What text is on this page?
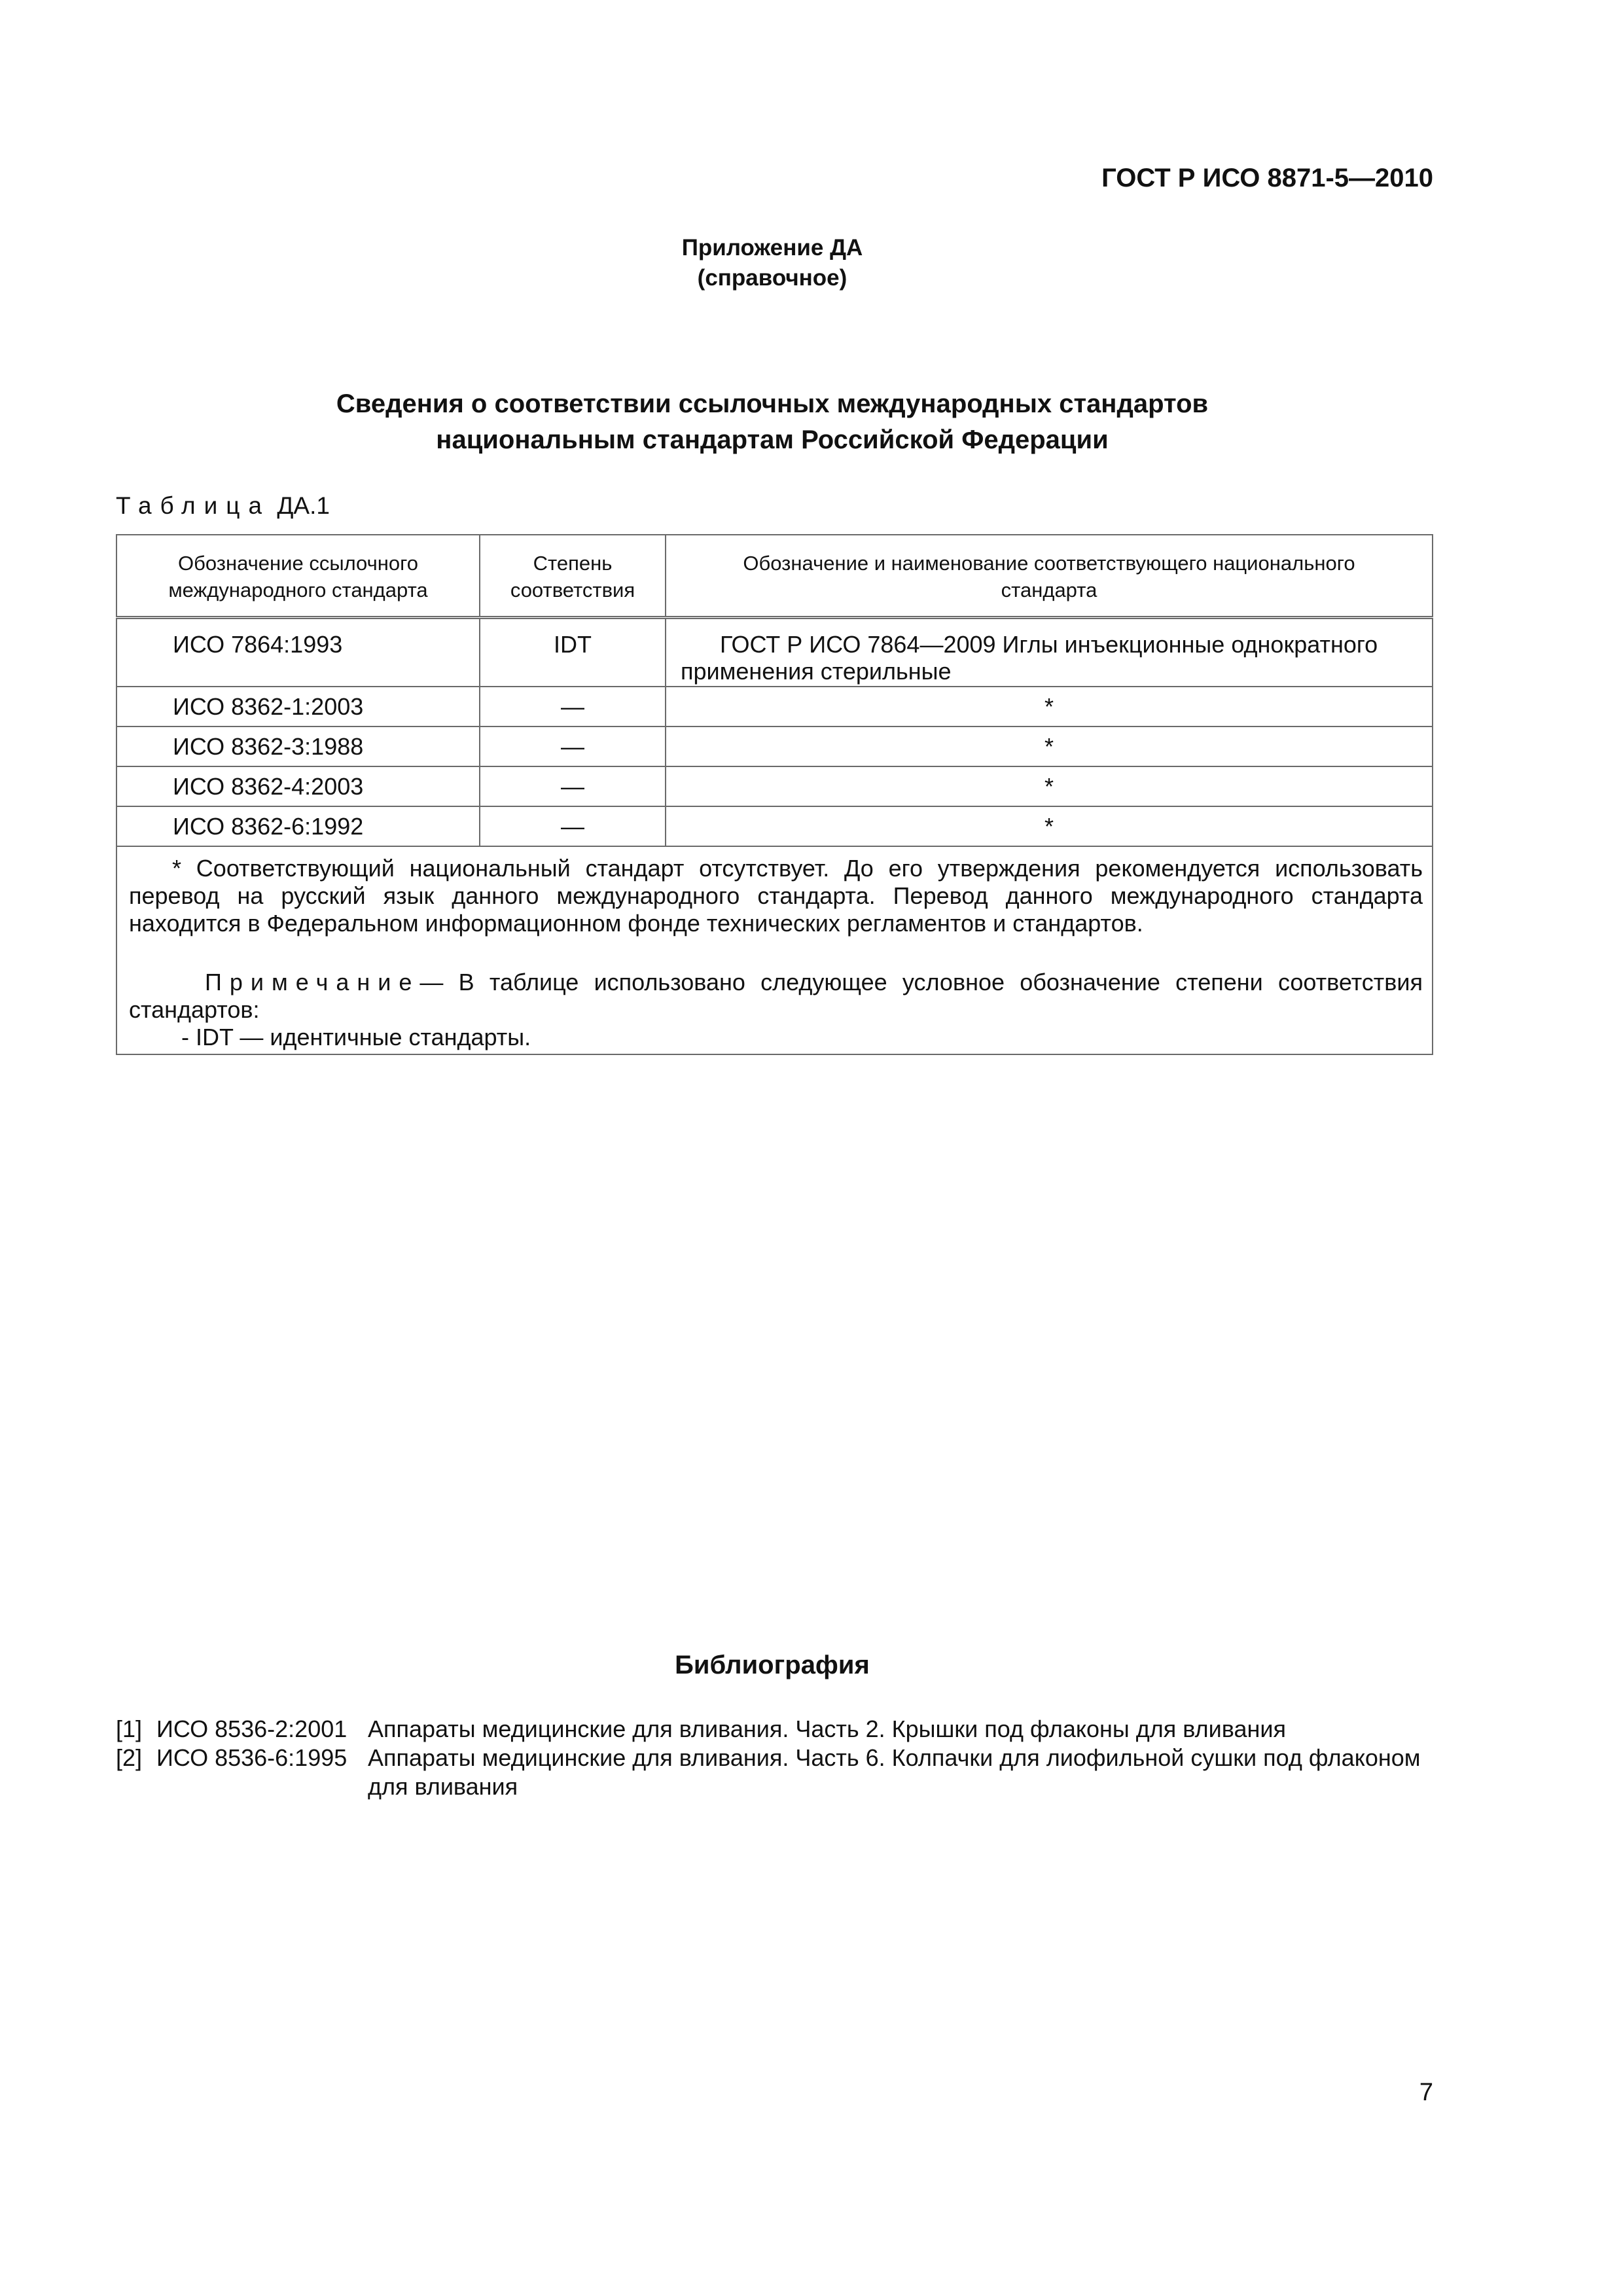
ГОСТ Р ИСО 8871-5—2010
Приложение ДА
(справочное)
Сведения о соответствии ссылочных международных стандартов
национальным стандартам Российской Федерации
Таблица ДА.1
Обозначение ссылочного международного стандарта	Степень соответствия	Обозначение и наименование соответствующего национального стандарта
ИСО 7864:1993	IDT	ГОСТ Р ИСО 7864—2009 Иглы инъекционные однократного применения стерильные
ИСО 8362-1:2003	—	*
ИСО 8362-3:1988	—	*
ИСО 8362-4:2003	—	*
ИСО 8362-6:1992	—	*

* Соответствующий национальный стандарт отсутствует. До его утверждения рекомендуется использовать перевод на русский язык данного международного стандарта. Перевод данного международного стандарта находится в Федеральном информационном фонде технических регламентов и стандартов.
Примечание— В таблице использовано следующее условное обозначение степени соответствия стандартов:
- IDT — идентичные стандарты.		
Библиография
[1] ИСО 8536-2:2001 Аппараты медицинские для вливания. Часть 2. Крышки под флаконы для вливания
[2] ИСО 8536-6:1995 Аппараты медицинские для вливания. Часть 6. Колпачки для лиофильной сушки под флаконом для вливания
7
